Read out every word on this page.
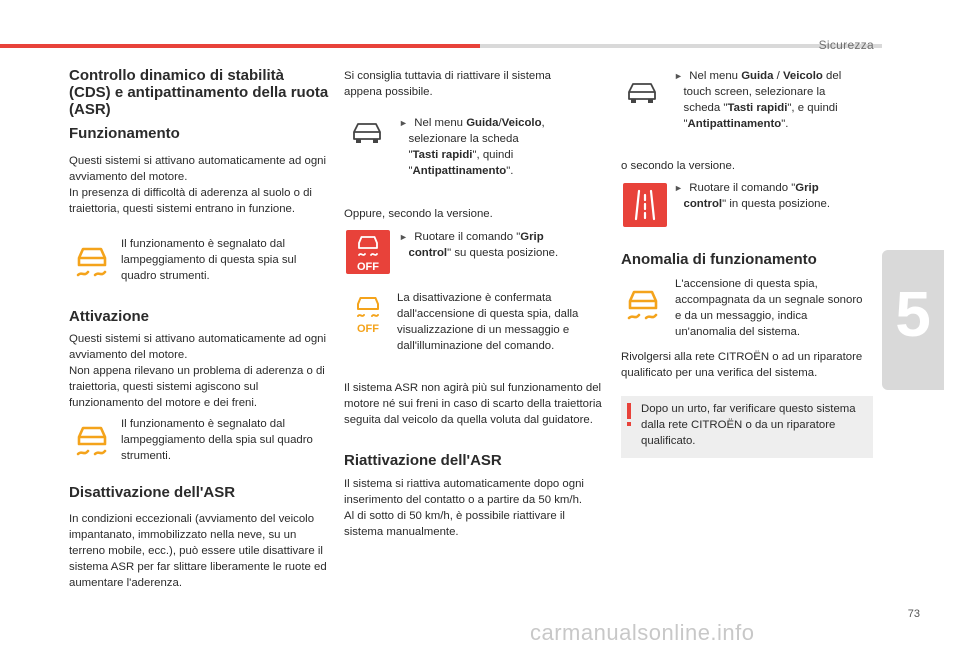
Sicurezza
5
73
carmanualsonline.info
Controllo dinamico di stabilità (CDS) e antipattinamento della ruota (ASR)
Funzionamento

Questi sistemi si attivano automaticamente ad ogni avviamento del motore.

In presenza di difficoltà di aderenza al suolo o di traiettoria, questi sistemi entrano in funzione.

Il funzionamento è segnalato dal lampeggiamento di questa spia sul quadro strumenti.

Attivazione

Questi sistemi si attivano automaticamente ad ogni avviamento del motore.

Non appena rilevano un problema di aderenza o di traiettoria, questi sistemi agiscono sul funzionamento del motore e dei freni.

Il funzionamento è segnalato dal lampeggiamento della spia sul quadro strumenti.

Disattivazione dell'ASR

In condizioni eccezionali (avviamento del veicolo impantanato, immobilizzato nella neve, su un terreno mobile, ecc.), può essere utile disattivare il sistema ASR per far slittare liberamente le ruote ed aumentare l'aderenza.

Si consiglia tuttavia di riattivare il sistema appena possibile.

► Nel menu Guida/Veicolo,
selezionare la scheda
"Tasti rapidi", quindi
"Antipattinamento".

Oppure, secondo la versione.

OFF
► Ruotare il comando "Grip
control" su questa posizione.
OFF

La disattivazione è confermata dall'accensione di questa spia, dalla visualizzazione di un messaggio e dall'illuminazione del comando.

Il sistema ASR non agirà più sul funzionamento del motore né sui freni in caso di scarto della traiettoria seguita dal veicolo da quella voluta dal guidatore.

Riattivazione dell'ASR

Il sistema si riattiva automaticamente dopo ogni inserimento del contatto o a partire da 50 km/h.

Al di sotto di 50 km/h, è possibile riattivare il sistema manualmente.

► Nel menu Guida / Veicolo del
touch screen, selezionare la
scheda "Tasti rapidi", e quindi
"Antipattinamento".

o secondo la versione.

► Ruotare il comando "Grip
control" in questa posizione.
Anomalia di funzionamento

L'accensione di questa spia, accompagnata da un segnale sonoro e da un messaggio, indica un'anomalia del sistema.

Rivolgersi alla rete CITROËN o ad un riparatore qualificato per una verifica del sistema.

Dopo un urto, far verificare questo sistema dalla rete CITROËN o da un riparatore qualificato.
